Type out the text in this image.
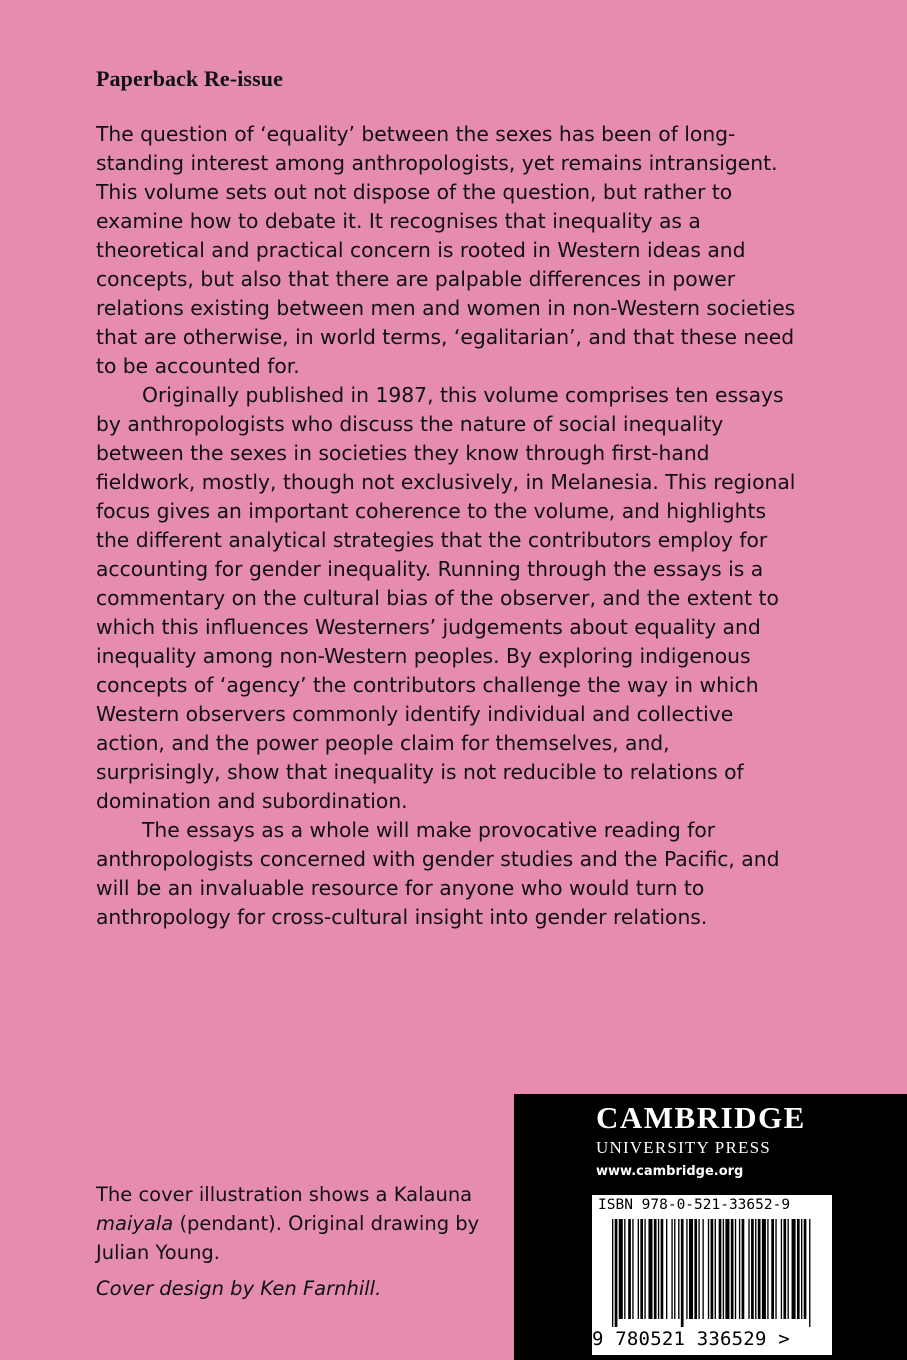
Paperback Re-issue

The question of ‘equality’ between the sexes has been of long-standing interest among anthropologists, yet remains intransigent. This volume sets out not dispose of the question, but rather to examine how to debate it. It recognises that inequality as a theoretical and practical concern is rooted in Western ideas and concepts, but also that there are palpable differences in power relations existing between men and women in non-Western societies that are otherwise, in world terms, ‘egalitarian’, and that these need to be accounted for.

Originally published in 1987, this volume comprises ten essays by anthropologists who discuss the nature of social inequality between the sexes in societies they know through first-hand fieldwork, mostly, though not exclusively, in Melanesia. This regional focus gives an important coherence to the volume, and highlights the different analytical strategies that the contributors employ for accounting for gender inequality. Running through the essays is a commentary on the cultural bias of the observer, and the extent to which this influences Westerners’ judgements about equality and inequality among non-Western peoples. By exploring indigenous concepts of ‘agency’ the contributors challenge the way in which Western observers commonly identify individual and collective action, and the power people claim for themselves, and, surprisingly, show that inequality is not reducible to relations of domination and subordination.

The essays as a whole will make provocative reading for anthropologists concerned with gender studies and the Pacific, and will be an invaluable resource for anyone who would turn to anthropology for cross-cultural insight into gender relations.

The cover illustration shows a Kalauna maiyala (pendant). Original drawing by Julian Young.
Cover design by Ken Farnhill.
CAMBRIDGE
UNIVERSITY PRESS
www.cambridge.org
ISBN 978-0-521-33652-9
9 780521 336529 >
